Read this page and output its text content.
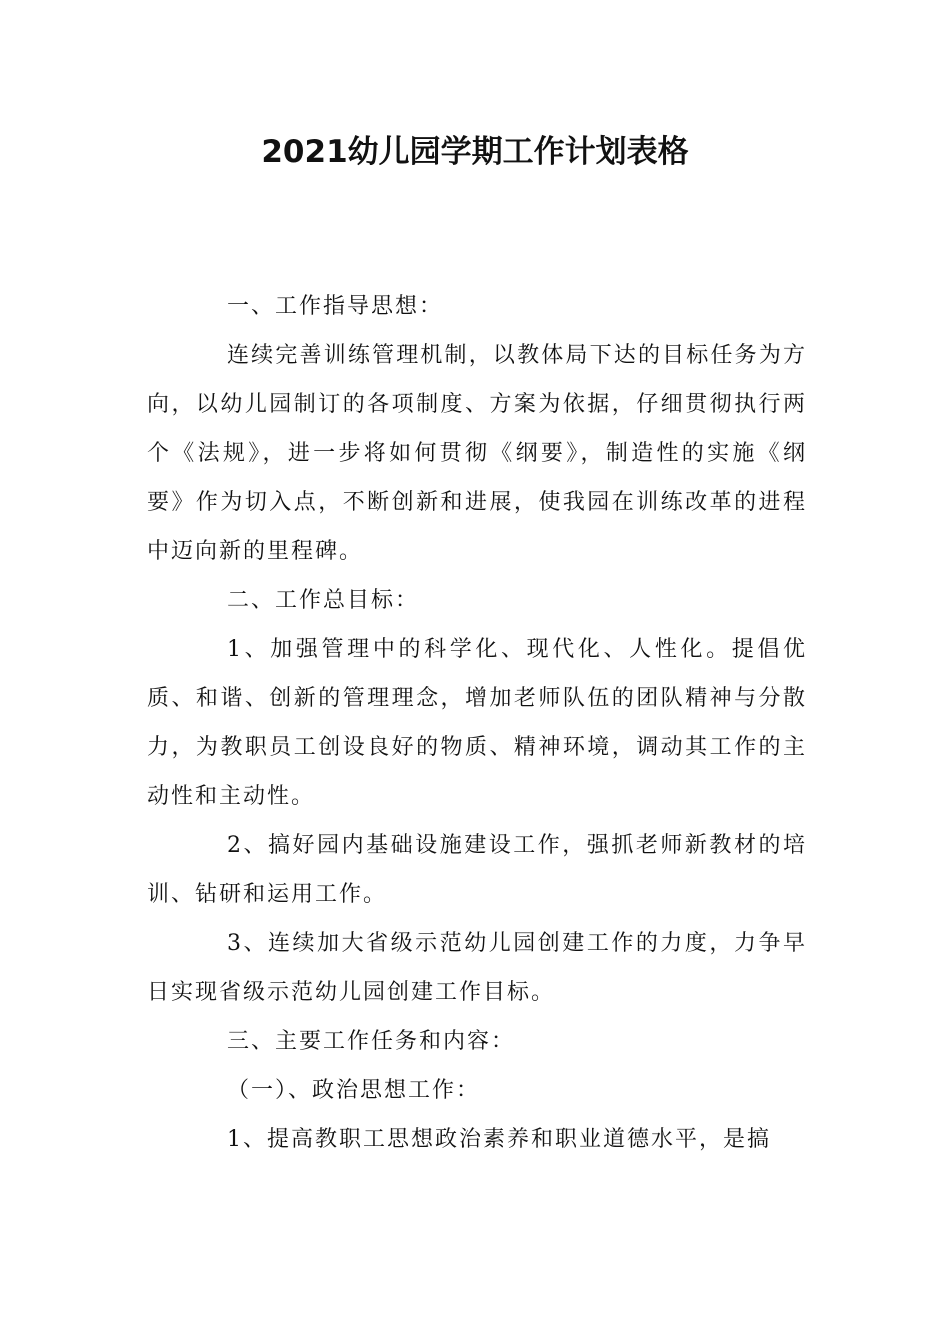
2021幼儿园学期工作计划表格

一、工作指导思想：

连续完善训练管理机制，以教体局下达的目标任务为方向，以幼儿园制订的各项制度、方案为依据，仔细贯彻执行两个《法规》，进一步将如何贯彻《纲要》，制造性的实施《纲要》作为切入点，不断创新和进展，使我园在训练改革的进程中迈向新的里程碑。

二、工作总目标：

1、加强管理中的科学化、现代化、人性化。提倡优质、和谐、创新的管理理念，增加老师队伍的团队精神与分散力，为教职员工创设良好的物质、精神环境，调动其工作的主动性和主动性。

2、搞好园内基础设施建设工作，强抓老师新教材的培训、钻研和运用工作。

3、连续加大省级示范幼儿园创建工作的力度，力争早日实现省级示范幼儿园创建工作目标。

三、主要工作任务和内容：

（一）、政治思想工作：

1、提高教职工思想政治素养和职业道德水平，是搞
